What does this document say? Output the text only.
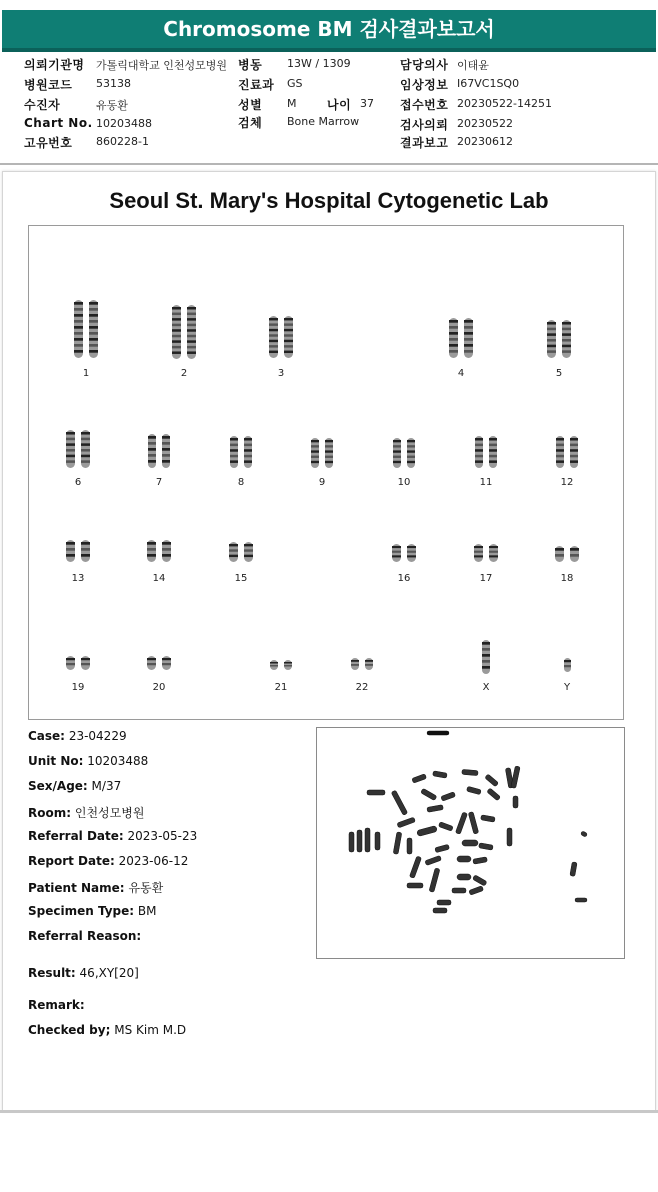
Chromosome BM 검사결과보고서
의뢰기관명 가톨릭대학교 인천성모병원 병동 13W / 1309	담당의사 이태윤
병원코드 53138	진료과 GS	임상정보 I67VC1SQ0
수진자	유동환	성별 M	나이 37 접수번호 20230522-14251
Chart No. 10203488	검체 Bone Marrow	검사의뢰 20230522
고유번호 860228-1	결과보고 20230612
Seoul St. Mary's Hospital Cytogenetic Lab
1	2	3	4	5
6	7	8	9	10	11	12
13	14	15	16	17	18
19	20	21	22	X	Y
Case: 23-04229
Unit No: 10203488
Sex/Age: M/37
Room: 인천성모병원
Referral Date: 2023-05-23
Report Date: 2023-06-12
Patient Name: 유동환
Specimen Type: BM
Referral Reason:
Result: 46,XY[20]
Remark:
Checked by; MS Kim M.D
